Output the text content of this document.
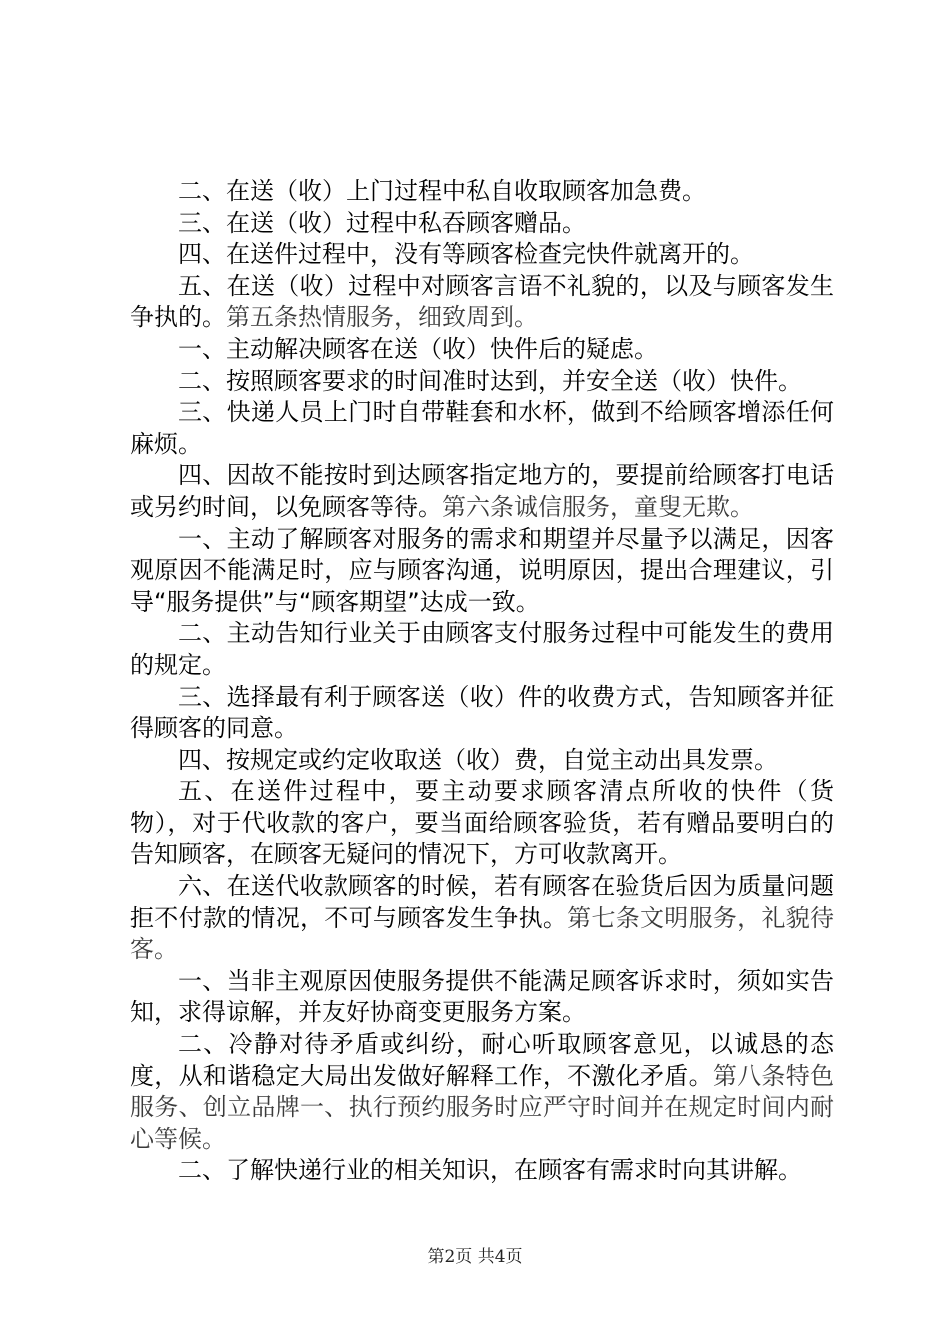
二、在送（收）上门过程中私自收取顾客加急费。

三、在送（收）过程中私吞顾客赠品。

四、在送件过程中，没有等顾客检查完快件就离开的。

五、在送（收）过程中对顾客言语不礼貌的，以及与顾客发生争执的。第五条热情服务，细致周到。

一、主动解决顾客在送（收）快件后的疑虑。

二、按照顾客要求的时间准时达到，并安全送（收）快件。

三、快递人员上门时自带鞋套和水杯，做到不给顾客增添任何麻烦。

四、因故不能按时到达顾客指定地方的，要提前给顾客打电话或另约时间，以免顾客等待。第六条诚信服务，童叟无欺。

一、主动了解顾客对服务的需求和期望并尽量予以满足，因客观原因不能满足时，应与顾客沟通，说明原因，提出合理建议，引导“服务提供”与“顾客期望”达成一致。

二、主动告知行业关于由顾客支付服务过程中可能发生的费用的规定。

三、选择最有利于顾客送（收）件的收费方式，告知顾客并征得顾客的同意。

四、按规定或约定收取送（收）费，自觉主动出具发票。

五、在送件过程中，要主动要求顾客清点所收的快件（货物），对于代收款的客户，要当面给顾客验货，若有赠品要明白的告知顾客，在顾客无疑问的情况下，方可收款离开。

六、在送代收款顾客的时候，若有顾客在验货后因为质量问题拒不付款的情况，不可与顾客发生争执。第七条文明服务，礼貌待客。

一、当非主观原因使服务提供不能满足顾客诉求时，须如实告知，求得谅解，并友好协商变更服务方案。

二、冷静对待矛盾或纠纷，耐心听取顾客意见，以诚恳的态度，从和谐稳定大局出发做好解释工作，不激化矛盾。第八条特色服务、创立品牌一、执行预约服务时应严守时间并在规定时间内耐心等候。

二、了解快递行业的相关知识，在顾客有需求时向其讲解。

第2页 共4页
